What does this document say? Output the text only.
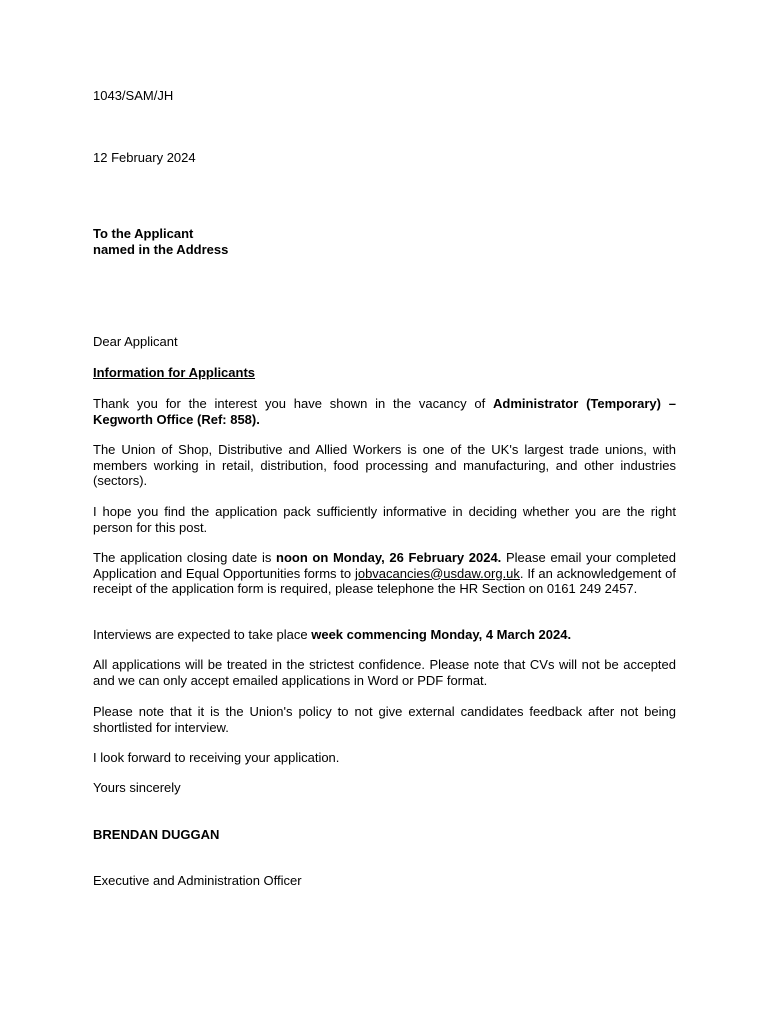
1043/SAM/JH

12 February 2024

To the Applicant
named in the Address

Dear Applicant

Information for Applicants

Thank you for the interest you have shown in the vacancy of Administrator (Temporary) – Kegworth Office (Ref: 858).

The Union of Shop, Distributive and Allied Workers is one of the UK's largest trade unions, with members working in retail, distribution, food processing and manufacturing, and other industries (sectors).

I hope you find the application pack sufficiently informative in deciding whether you are the right person for this post.

The application closing date is noon on Monday, 26 February 2024. Please email your completed Application and Equal Opportunities forms to jobvacancies@usdaw.org.uk. If an acknowledgement of receipt of the application form is required, please telephone the HR Section on 0161 249 2457.

Interviews are expected to take place week commencing Monday, 4 March 2024.

All applications will be treated in the strictest confidence. Please note that CVs will not be accepted and we can only accept emailed applications in Word or PDF format.

Please note that it is the Union's policy to not give external candidates feedback after not being shortlisted for interview.

I look forward to receiving your application.

Yours sincerely

BRENDAN DUGGAN

Executive and Administration Officer
